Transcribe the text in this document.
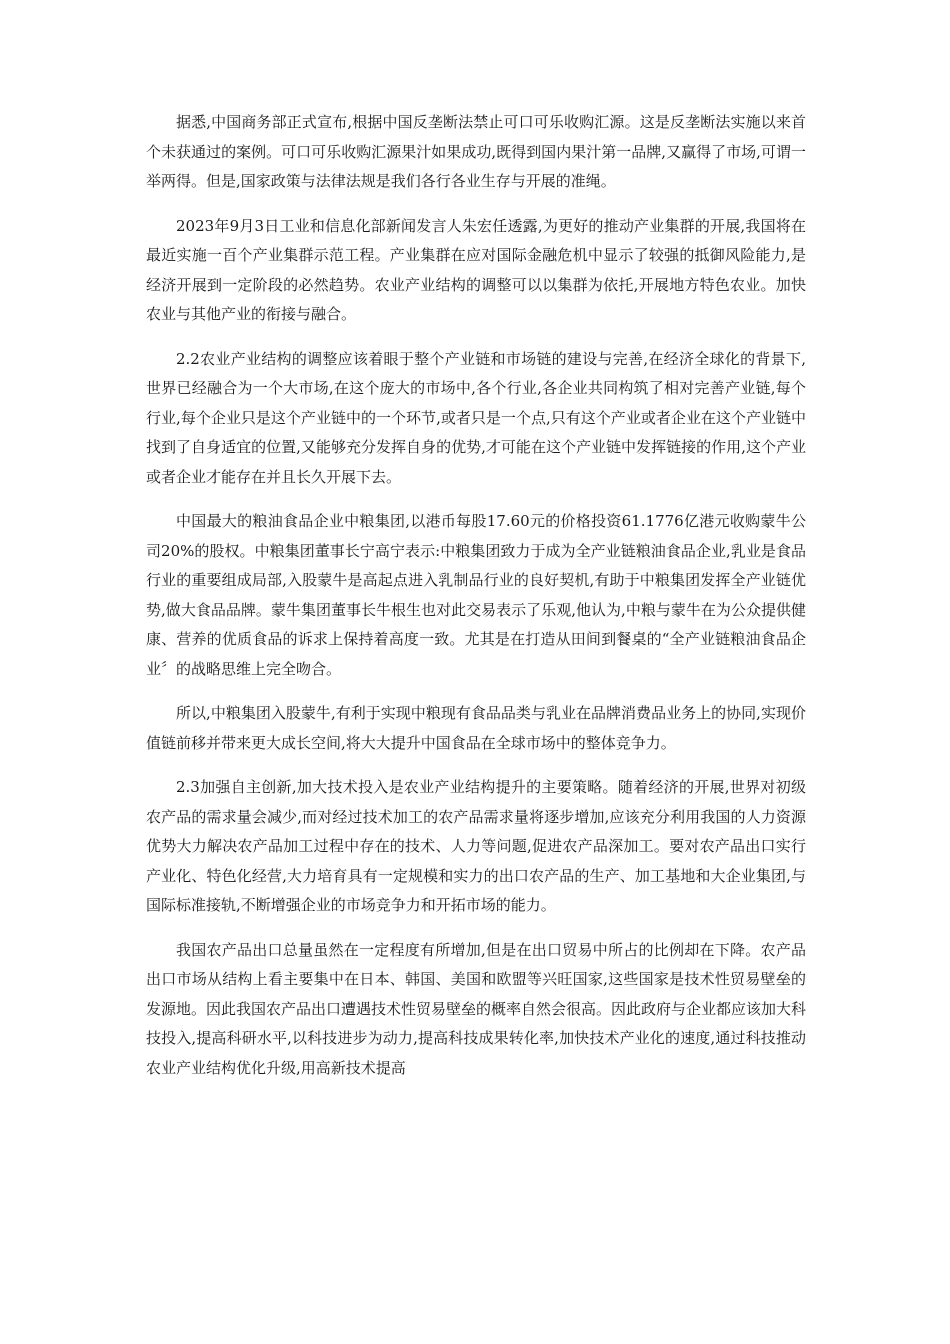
据悉,中国商务部正式宣布,根据中国反垄断法禁止可口可乐收购汇源。这是反垄断法实施以来首个未获通过的案例。可口可乐收购汇源果汁如果成功,既得到国内果汁第一品牌,又赢得了市场,可谓一举两得。但是,国家政策与法律法规是我们各行各业生存与开展的准绳。

2023年9月3日工业和信息化部新闻发言人朱宏任透露,为更好的推动产业集群的开展,我国将在最近实施一百个产业集群示范工程。产业集群在应对国际金融危机中显示了较强的抵御风险能力,是经济开展到一定阶段的必然趋势。农业产业结构的调整可以以集群为依托,开展地方特色农业。加快农业与其他产业的衔接与融合。

2.2农业产业结构的调整应该着眼于整个产业链和市场链的建设与完善,在经济全球化的背景下,世界已经融合为一个大市场,在这个庞大的市场中,各个行业,各企业共同构筑了相对完善产业链,每个行业,每个企业只是这个产业链中的一个环节,或者只是一个点,只有这个产业或者企业在这个产业链中找到了自身适宜的位置,又能够充分发挥自身的优势,才可能在这个产业链中发挥链接的作用,这个产业或者企业才能存在并且长久开展下去。

中国最大的粮油食品企业中粮集团,以港币每股17.60元的价格投资61.1776亿港元收购蒙牛公司20%的股权。中粮集团董事长宁高宁表示:中粮集团致力于成为全产业链粮油食品企业,乳业是食品行业的重要组成局部,入股蒙牛是高起点进入乳制品行业的良好契机,有助于中粮集团发挥全产业链优势,做大食品品牌。蒙牛集团董事长牛根生也对此交易表示了乐观,他认为,中粮与蒙牛在为公众提供健康、营养的优质食品的诉求上保持着高度一致。尤其是在打造从田间到餐桌的“全产业链粮油食品企业〞的战略思维上完全吻合。

所以,中粮集团入股蒙牛,有利于实现中粮现有食品品类与乳业在品牌消费品业务上的协同,实现价值链前移并带来更大成长空间,将大大提升中国食品在全球市场中的整体竞争力。

2.3加强自主创新,加大技术投入是农业产业结构提升的主要策略。随着经济的开展,世界对初级农产品的需求量会减少,而对经过技术加工的农产品需求量将逐步增加,应该充分利用我国的人力资源优势大力解决农产品加工过程中存在的技术、人力等问题,促进农产品深加工。要对农产品出口实行产业化、特色化经营,大力培育具有一定规模和实力的出口农产品的生产、加工基地和大企业集团,与国际标准接轨,不断增强企业的市场竞争力和开拓市场的能力。

我国农产品出口总量虽然在一定程度有所增加,但是在出口贸易中所占的比例却在下降。农产品出口市场从结构上看主要集中在日本、韩国、美国和欧盟等兴旺国家,这些国家是技术性贸易壁垒的发源地。因此我国农产品出口遭遇技术性贸易壁垒的概率自然会很高。因此政府与企业都应该加大科技投入,提高科研水平,以科技进步为动力,提高科技成果转化率,加快技术产业化的速度,通过科技推动农业产业结构优化升级,用高新技术提高
